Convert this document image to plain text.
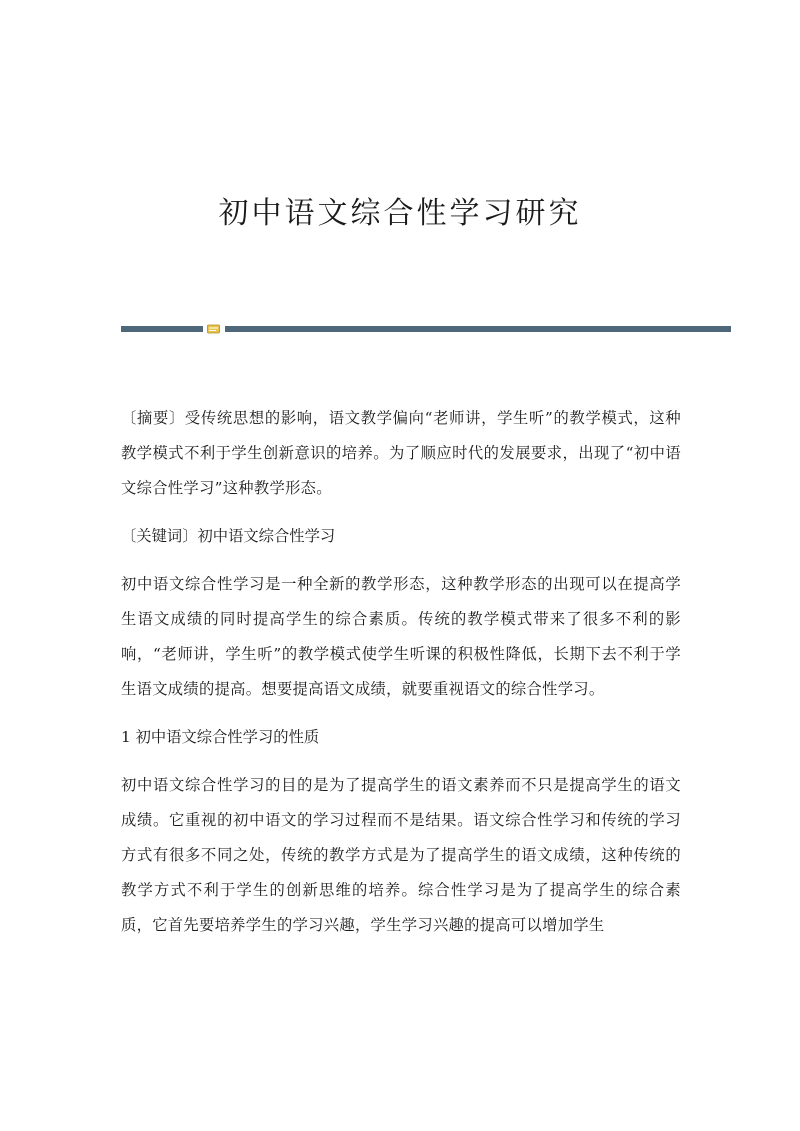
初中语文综合性学习研究

〔摘要〕受传统思想的影响，语文教学偏向“老师讲，学生听”的教学模式，这种教学模式不利于学生创新意识的培养。为了顺应时代的发展要求，出现了“初中语文综合性学习”这种教学形态。

〔关键词〕初中语文综合性学习

初中语文综合性学习是一种全新的教学形态，这种教学形态的出现可以在提高学生语文成绩的同时提高学生的综合素质。传统的教学模式带来了很多不利的影响，“老师讲，学生听”的教学模式使学生听课的积极性降低，长期下去不利于学生语文成绩的提高。想要提高语文成绩，就要重视语文的综合性学习。

1 初中语文综合性学习的性质

初中语文综合性学习的目的是为了提高学生的语文素养而不只是提高学生的语文成绩。它重视的初中语文的学习过程而不是结果。语文综合性学习和传统的学习方式有很多不同之处，传统的教学方式是为了提高学生的语文成绩，这种传统的教学方式不利于学生的创新思维的培养。综合性学习是为了提高学生的综合素质，它首先要培养学生的学习兴趣，学生学习兴趣的提高可以增加学生
